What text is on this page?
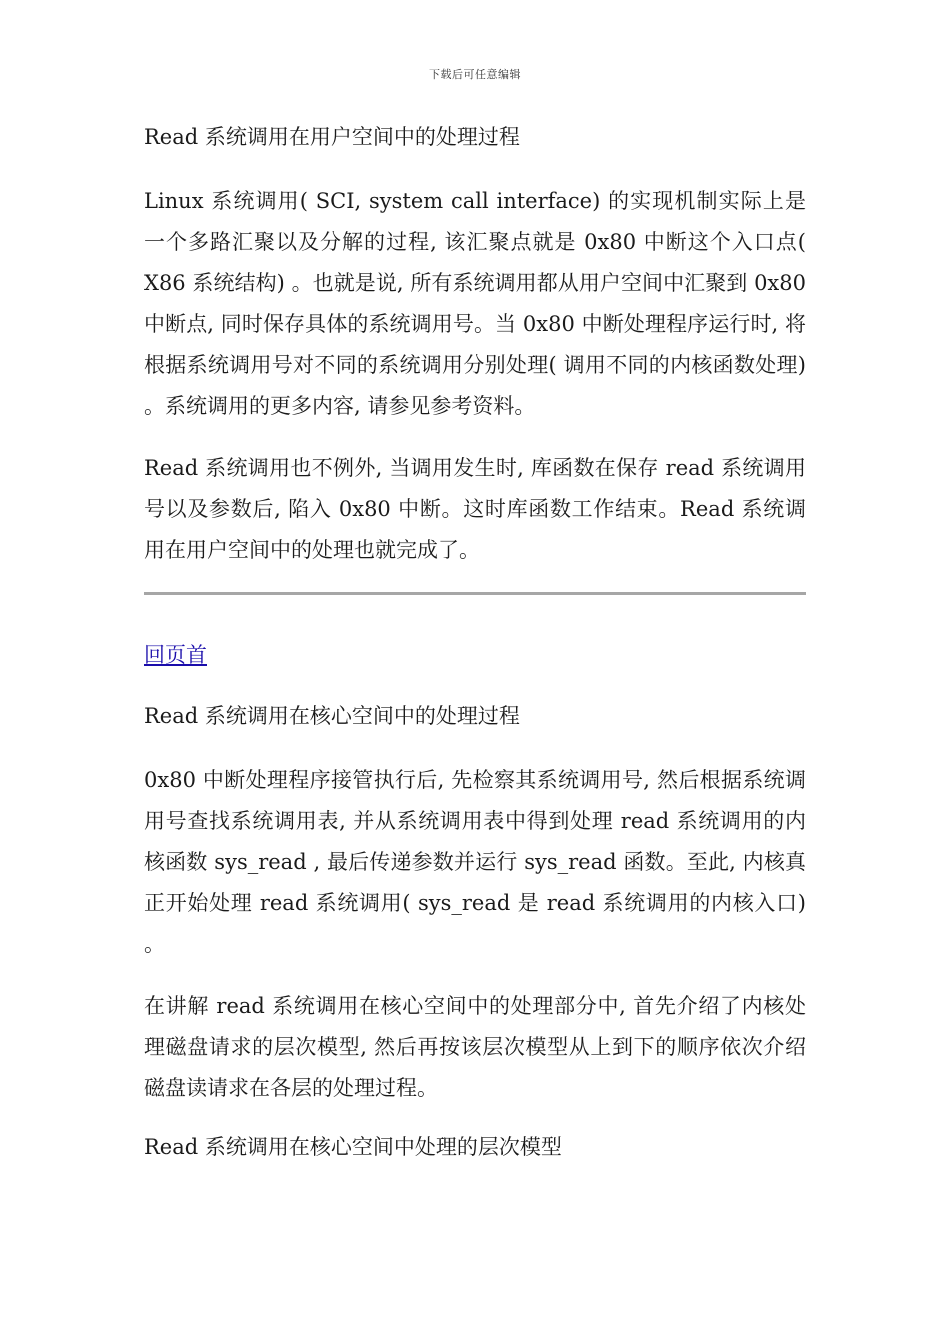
下载后可任意编辑
Read 系统调用在用户空间中的处理过程

Linux 系统调用( SCI, system call interface) 的实现机制实际上是一个多路汇聚以及分解的过程, 该汇聚点就是 0x80 中断这个入口点( X86 系统结构) 。也就是说, 所有系统调用都从用户空间中汇聚到 0x80 中断点, 同时保存具体的系统调用号。当 0x80 中断处理程序运行时, 将根据系统调用号对不同的系统调用分别处理( 调用不同的内核函数处理) 。系统调用的更多内容, 请参见参考资料。

Read 系统调用也不例外, 当调用发生时, 库函数在保存 read 系统调用号以及参数后, 陷入 0x80 中断。这时库函数工作结束。Read 系统调用在用户空间中的处理也就完成了。

回页首
Read 系统调用在核心空间中的处理过程

0x80 中断处理程序接管执行后, 先检察其系统调用号, 然后根据系统调用号查找系统调用表, 并从系统调用表中得到处理 read 系统调用的内核函数 sys_read , 最后传递参数并运行 sys_read 函数。至此, 内核真正开始处理 read 系统调用( sys_read 是 read 系统调用的内核入口) 。

在讲解 read 系统调用在核心空间中的处理部分中, 首先介绍了内核处理磁盘请求的层次模型, 然后再按该层次模型从上到下的顺序依次介绍磁盘读请求在各层的处理过程。

Read 系统调用在核心空间中处理的层次模型
